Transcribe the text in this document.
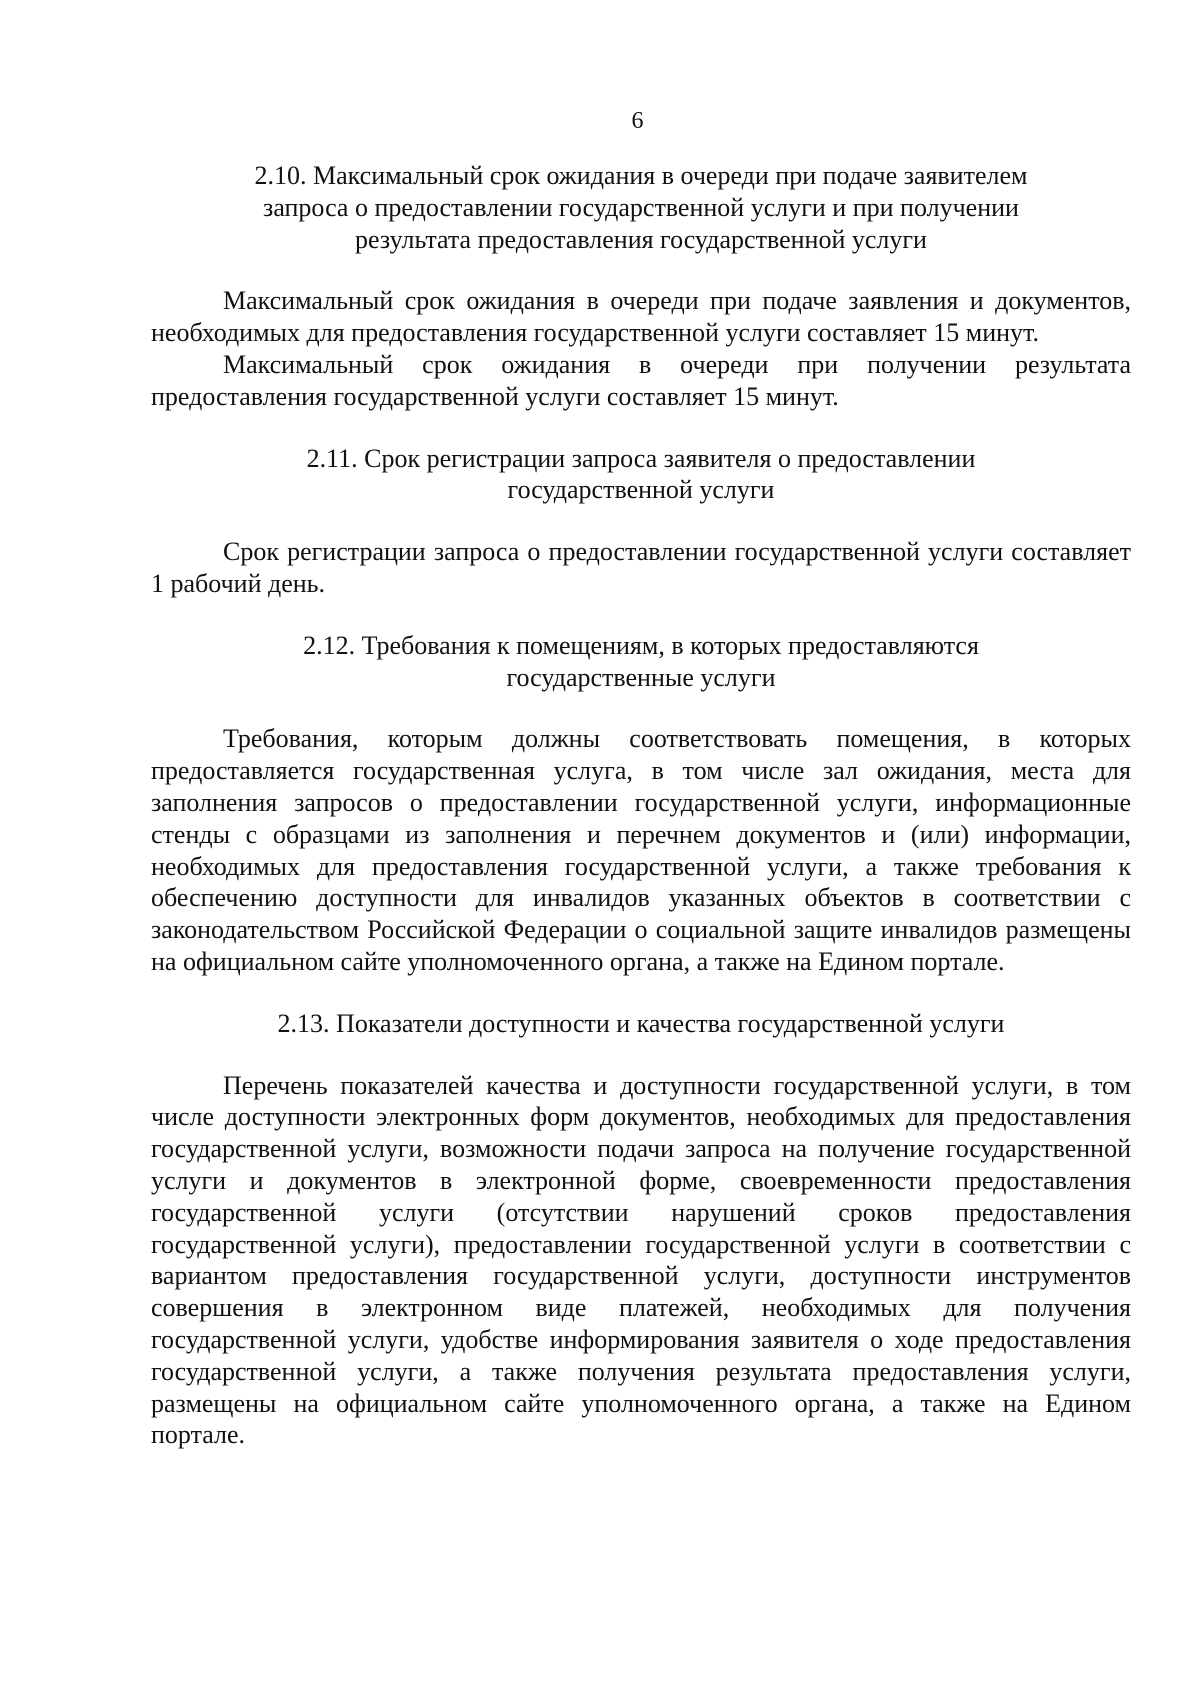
6
2.10. Максимальный срок ожидания в очереди при подаче заявителем
запроса о предоставлении государственной услуги и при получении
результата предоставления государственной услуги

Максимальный срок ожидания в очереди при подаче заявления и документов, необходимых для предоставления государственной услуги составляет 15 минут.

Максимальный срок ожидания в очереди при получении результата предоставления государственной услуги составляет 15 минут.

2.11. Срок регистрации запроса заявителя о предоставлении
государственной услуги

Срок регистрации запроса о предоставлении государственной услуги составляет 1 рабочий день.

2.12. Требования к помещениям, в которых предоставляются
государственные услуги

Требования, которым должны соответствовать помещения, в которых предоставляется государственная услуга, в том числе зал ожидания, места для заполнения запросов о предоставлении государственной услуги, информационные стенды с образцами из заполнения и перечнем документов и (или) информации, необходимых для предоставления государственной услуги, а также требования к обеспечению доступности для инвалидов указанных объектов в соответствии с законодательством Российской Федерации о социальной защите инвалидов размещены на официальном сайте уполномоченного органа, а также на Едином портале.

2.13. Показатели доступности и качества государственной услуги

Перечень показателей качества и доступности государственной услуги, в том числе доступности электронных форм документов, необходимых для предоставления государственной услуги, возможности подачи запроса на получение государственной услуги и документов в электронной форме, своевременности предоставления государственной услуги (отсутствии нарушений сроков предоставления государственной услуги), предоставлении государственной услуги в соответствии с вариантом предоставления государственной услуги, доступности инструментов совершения в электронном виде платежей, необходимых для получения государственной услуги, удобстве информирования заявителя о ходе предоставления государственной услуги, а также получения результата предоставления услуги, размещены на официальном сайте уполномоченного органа, а также на Едином портале.
